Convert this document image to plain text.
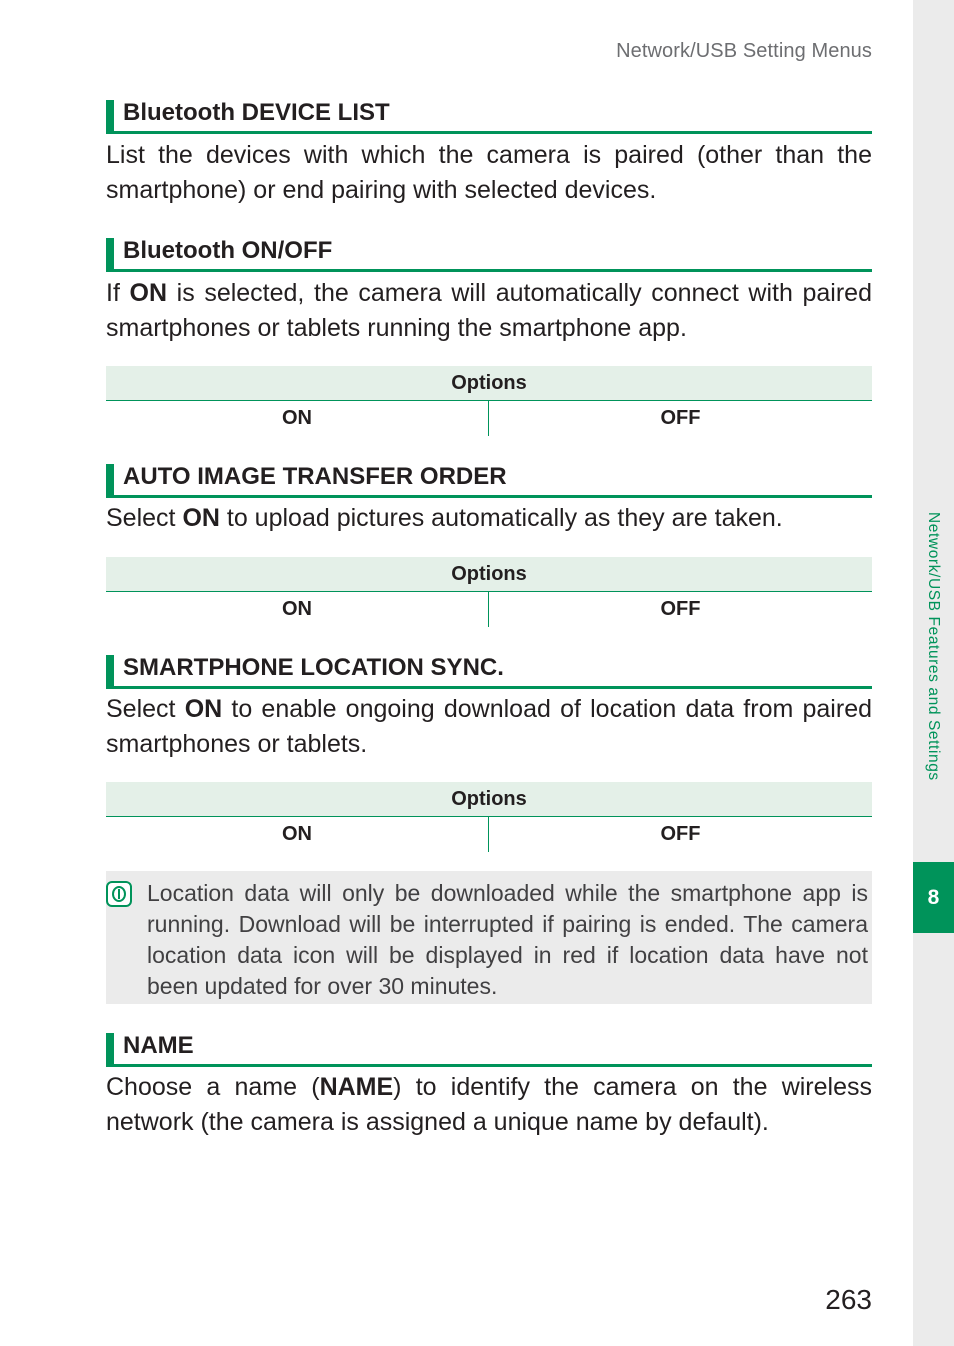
Network/USB Setting Menus
Network/USB Features and Settings
8
Bluetooth DEVICE LIST
List the devices with which the camera is paired (other than the smartphone) or end pairing with selected devices.
Bluetooth ON/OFF
If ON is selected, the camera will automatically connect with paired smartphones or tablets running the smartphone app.
Options
ON	OFF
AUTO IMAGE TRANSFER ORDER
Select ON to upload pictures automatically as they are taken.
Options
ON	OFF
SMARTPHONE LOCATION SYNC.
Select ON to enable ongoing download of location data from paired smartphones or tablets.
Options
ON	OFF
Location data will only be downloaded while the smartphone app is running. Download will be interrupted if pairing is ended. The camera location data icon will be displayed in red if location data have not been updated for over 30 minutes.
NAME
Choose a name (NAME) to identify the camera on the wireless network (the camera is assigned a unique name by default).
263
